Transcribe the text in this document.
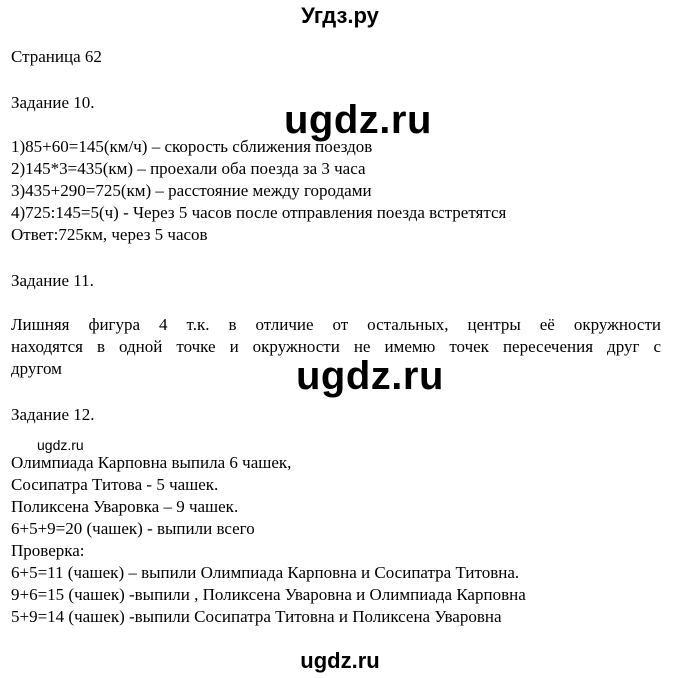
Угдз.ру
Страница 62
Задание 10.	ugdz.ru
1)85+60=145(км/ч) – скорость сближения поездов
2)145*3=435(км) – проехали оба поезда за 3 часа
3)435+290=725(км) – расстояние между городами
4)725:145=5(ч) - Через 5 часов после отправления поезда встретятся
Ответ:725км, через 5 часов
Задание 11.
Лишняя фигура 4 т.к. в отличие от остальных, центры её окружности
находятся в одной точке и окружности не имемю точек пересечения друг с
другом	ugdz.ru
Задание 12.
ugdz.ru
Олимпиада Карповна выпила 6 чашек,
Сосипатра Титова - 5 чашек.
Поликсена Уваровка – 9 чашек.
6+5+9=20 (чашек) - выпили всего
Проверка:
6+5=11 (чашек) – выпили Олимпиада Карповна и Сосипатра Титовна.
9+6=15 (чашек) -выпили , Поликсена Уваровна и Олимпиада Карповна
5+9=14 (чашек) -выпили Сосипатра Титовна и Поликсена Уваровна
ugdz.ru
